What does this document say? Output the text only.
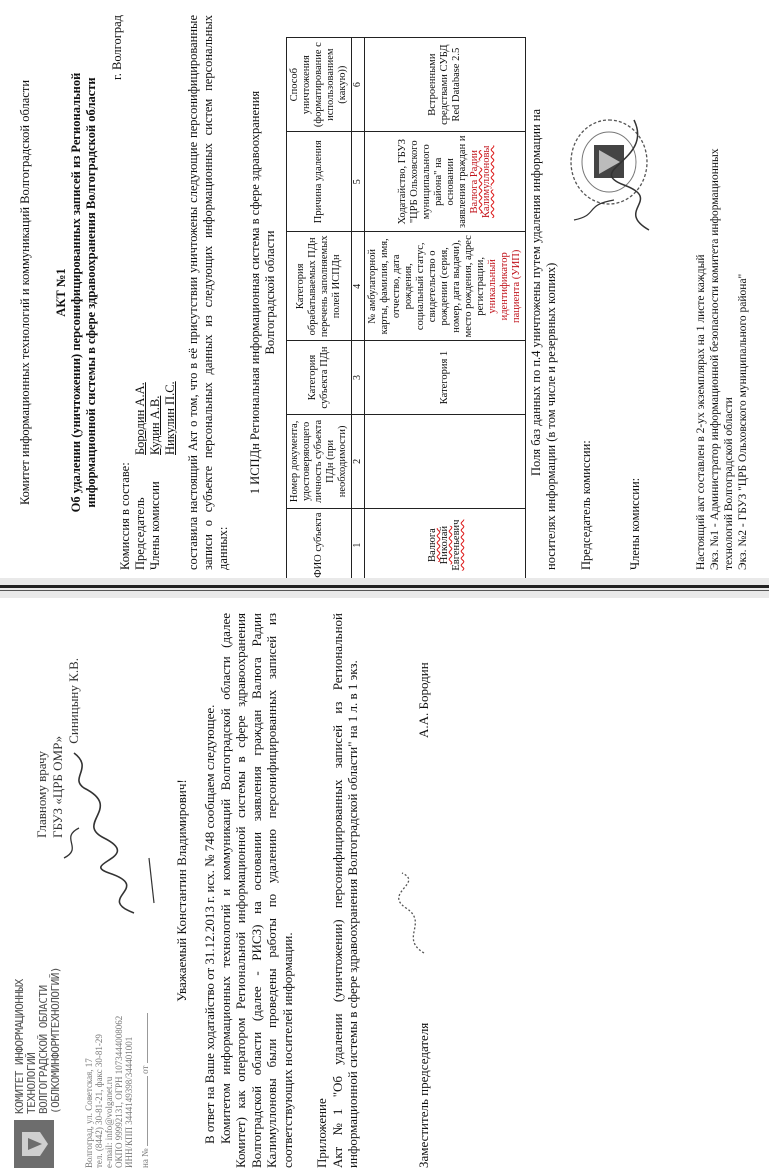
Комитет информационных технологий и коммуникаций Волгоградской области АКТ №1 Об удалении (уничтожении) персонифицированных записей из Региональной информационной системы в сфере здравоохранения Волгоградской области
г. Волгоград
Комиссия в составе: Председатель
Бородин А.А.
Члены комиссии
Кудин А.В. Никулин П.С. составила настоящий Акт о том, что в её присутствии уничтожены следующие персонифицированные записи о субъекте персональных данных из следующих информационных систем персональных данных:
1 ИСПДн Региональная информационная система в сфере здравоохранения Волгоградской области
ФИО субъекта	Номер документа, удостоверяющего личность субъекта ПДн (при необходимости)	Категория субъекта ПДн	Категория обрабатываемых ПДн перечень заполняемых полей ИСПДн	Причина удаления	Способ уничтожения (форматирование с использованием (какую))
1	2	3	4	5	6
Валюга Николай Евгеньевич		Категория 1	№ амбулаторной карты, фамилия, имя, отчество, дата рождения, социальный статус, свидетельство о рождении (серия, номер, дата выдачи), место рождения, адрес регистрации, уникальный идентификатор пациента (УИП)	Ходатайство, ГБУЗ "ЦРБ Ольховского муниципального района" на основании заявления граждан и Валюга Радии Калимуллоновы	Встроенными средствами СУБД Red Database 2.5
Поля баз данных по п.4 уничтожены путем удаления информации на носителях информации (в том числе и резервных копиях) Председатель комиссии:	Члены комиссии:	Настоящий акт составлен в 2-ух экземплярах на 1 листе каждый Экз. №1 - Администратор информационной безопасности комитета информационных технологий Волгоградской области Экз. №2 - ГБУЗ "ЦРБ Ольховского муниципального района"
КОМИТЕТ ИНФОРМАЦИОННЫХ ТЕХНОЛОГИЙ ВОЛГОГРАДСКОЙ ОБЛАСТИ (ОБЛКОМИНФОРМТЕХНОЛОГИЙ) Волгоград, ул. Советская, 17 тел. (8442) 30-81-21, факс 30-81-29 e-mail: info@volganet.ru ОКПО 99992131, ОГРН 1073444008062 ИНН/КПП 3444149398/344401001 на №  от
Главному врачу ГБУЗ «ЦРБ ОМР»
Синицыну К.В.
Уважаемый Константин Владимирович! В ответ на Ваше ходатайство от 31.12.2013 г. исх. № 748 сообщаем следующее. Комитетом информационных технологий и коммуникаций Волгоградской области (далее Комитет) как оператором Региональной информационной системы в сфере здравоохранения Волгоградской области (далее - РИСЗ) на основании заявления граждан Валюга Радии Калимуллоновы были проведены работы по удалению персонифицированных записей из соответствующих носителей информации. Приложение Акт №1 "Об удалении (уничтожении) персонифицированных записей из Региональной информационной системы в сфере здравоохранения Волгоградской области" на 1 л. в 1 экз.	Заместитель председателя
А.А. Бородин
